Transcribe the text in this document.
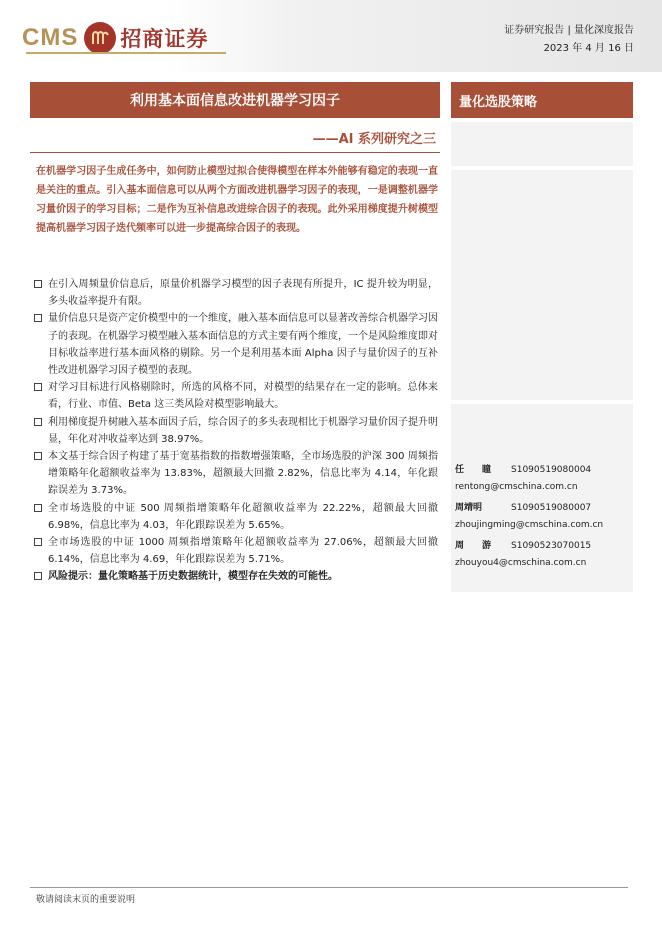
CMS 招商证券	证券研究报告 | 量化深度报告
2023 年 4 月 16 日
利用基本面信息改进机器学习因子
——AI 系列研究之三
量化选股策略
在机器学习因子生成任务中，如何防止模型过拟合使得模型在样本外能够有稳定的表现一直是关注的重点。引入基本面信息可以从两个方面改进机器学习因子的表现，一是调整机器学习量价因子的学习目标；二是作为互补信息改进综合因子的表现。此外采用梯度提升树模型提高机器学习因子迭代频率可以进一步提高综合因子的表现。
在引入周频量价信息后，原量价机器学习模型的因子表现有所提升，IC 提升较为明显，多头收益率提升有限。
量价信息只是资产定价模型中的一个维度，融入基本面信息可以显著改善综合机器学习因子的表现。在机器学习模型融入基本面信息的方式主要有两个维度，一个是风险维度即对目标收益率进行基本面风格的剔除。另一个是利用基本面 Alpha 因子与量价因子的互补性改进机器学习因子模型的表现。
对学习目标进行风格剔除时，所选的风格不同，对模型的结果存在一定的影响。总体来看，行业、市值、Beta 这三类风险对模型影响最大。
利用梯度提升树融入基本面因子后，综合因子的多头表现相比于机器学习量价因子提升明显，年化对冲收益率达到 38.97%。
本文基于综合因子构建了基于宽基指数的指数增强策略，全市场选股的沪深 300 周频指增策略年化超额收益率为 13.83%，超额最大回撤 2.82%，信息比率为 4.14，年化跟踪误差为 3.73%。
全市场选股的中证 500 周频指增策略年化超额收益率为 22.22%，超额最大回撤 6.98%，信息比率为 4.03，年化跟踪误差为 5.65%。
全市场选股的中证 1000 周频指增策略年化超额收益率为 27.06%，超额最大回撤 6.14%，信息比率为 4.69，年化跟踪误差为 5.71%。
风险提示：量化策略基于历史数据统计，模型存在失效的可能性。
任　　瞳	S1090519080004
rentong@cmschina.com.cn
周靖明	S1090519080007
zhoujingming@cmschina.com.cn
周　　游	S1090523070015
zhouyou4@cmschina.com.cn
敬请阅读末页的重要说明
